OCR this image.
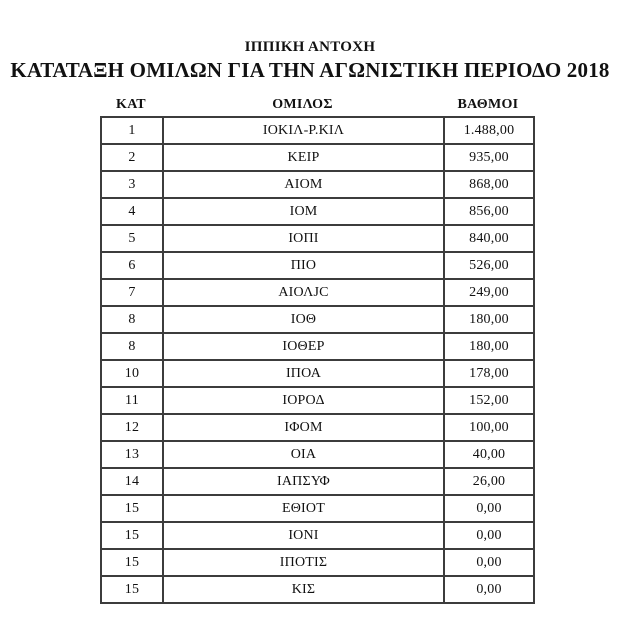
ΙΠΠΙΚΗ ΑΝΤΟΧΗ

ΚΑΤΑΤΑΞΗ ΟΜΙΛΩΝ ΓΙΑ ΤΗΝ ΑΓΩΝΙΣΤΙΚΗ ΠΕΡΙΟΔΟ 2018
ΚΑΤ	ΟΜΙΛΟΣ	ΒΑΘΜΟΙ
1	ΙΟΚΙΛ-Ρ.ΚΙΛ	1.488,00
2	ΚΕΙΡ	935,00
3	ΑΙΟΜ	868,00
4	ΙΟΜ	856,00
5	ΙΟΠΙ	840,00
6	ΠΙΟ	526,00
7	ΑΙΟΛJC	249,00
8	ΙΟΘ	180,00
8	ΙΟΘΕΡ	180,00
10	ΙΠΟΑ	178,00
11	ΙΟΡΟΔ	152,00
12	ΙΦΟΜ	100,00
13	ΟΙΑ	40,00
14	ΙΑΠΣΥΦ	26,00
15	ΕΘΙΟΤ	0,00
15	ΙΟΝΙ	0,00
15	ΙΠΟΤΙΣ	0,00
15	ΚΙΣ	0,00
